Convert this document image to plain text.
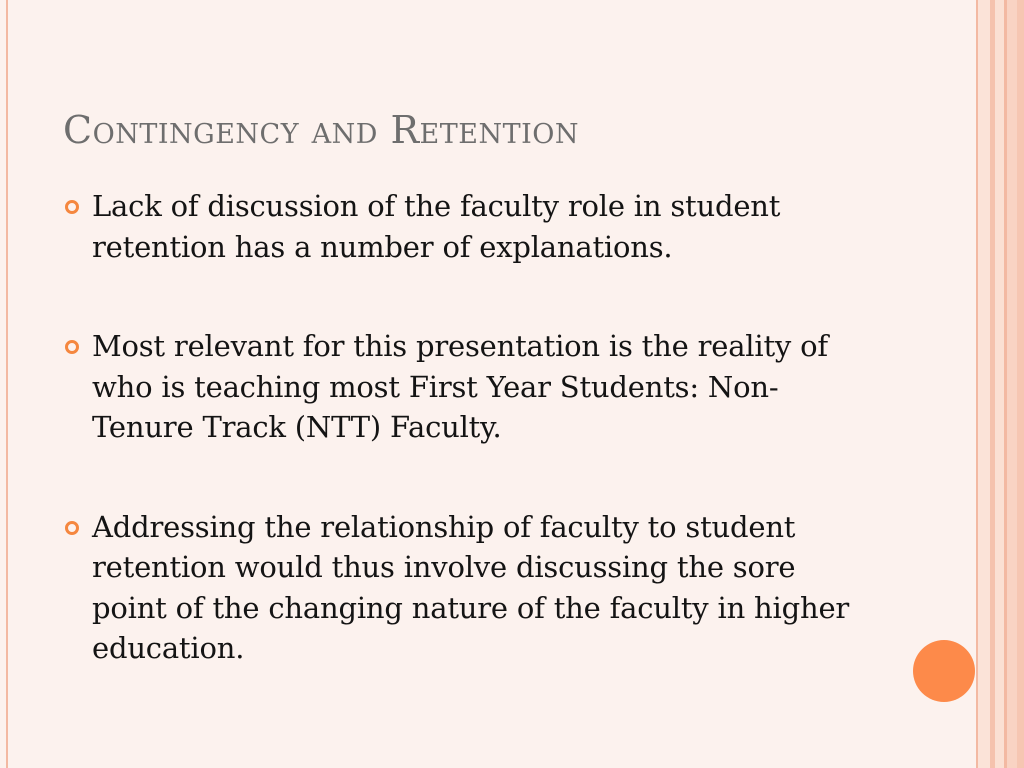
Contingency and Retention
Lack of discussion of the faculty role in student retention has a number of explanations.
Most relevant for this presentation is the reality of who is teaching most First Year Students: Non-Tenure Track (NTT) Faculty.
Addressing the relationship of faculty to student retention would thus involve discussing the sore point of the changing nature of the faculty in higher education.
